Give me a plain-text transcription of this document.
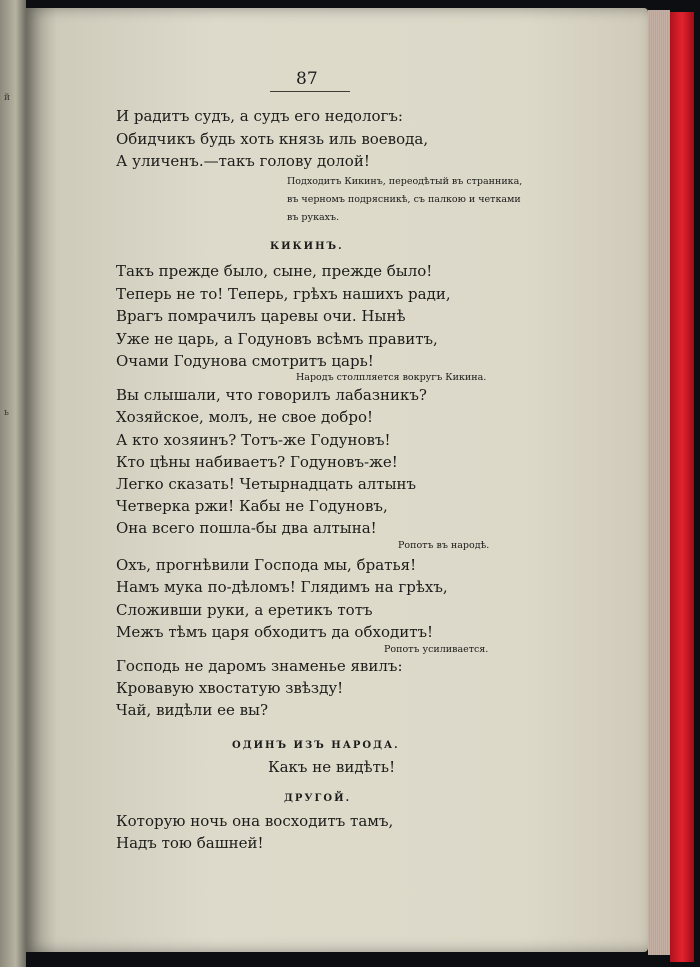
й
ь
87
И радитъ судъ, а судъ его недологъ:
Обидчикъ будь хоть князь иль воевода,
А уличенъ.—такъ голову долой!
Подходитъ Кикинъ, переодѣтый въ странника,
въ черномъ подрясникѣ, съ палкою и четками
въ рукахъ.
КИКИНЪ.
Такъ прежде было, сыне, прежде было!
Теперь не то! Теперь, грѣхъ нашихъ ради,
Врагъ помрачилъ царевы очи. Нынѣ
Ужe не царь, а Годуновъ всѣмъ правитъ,
Очами Годунова смотритъ царь!
Народъ столпляется вокругъ Кикина.
Вы слышали, что говорилъ лабазникъ?
Хозяйское, молъ, не свое добро!
А кто хозяинъ? Тотъ-же Годуновъ!
Кто цѣны набиваетъ? Годуновъ-же!
Легко сказать! Четырнадцать алтынъ
Четверка ржи! Кабы не Годуновъ,
Она всего пошла-бы два алтына!
Ропотъ въ народѣ.
Охъ, прогнѣвили Господа мы, братья!
Намъ мука по-дѣломъ! Глядимъ на грѣхъ,
Сложивши руки, а еретикъ тотъ
Межъ тѣмъ царя обходитъ да обходитъ!
Ропотъ усиливается.
Господь не даромъ знаменье явилъ:
Кровавую хвостатую звѣзду!
Чай, видѣли ее вы?
ОДИНЪ ИЗЪ НАРОДА.
Какъ не видѣть!
ДРУГОЙ.
Которую ночь она восходитъ тамъ,
Надъ тою башней!
